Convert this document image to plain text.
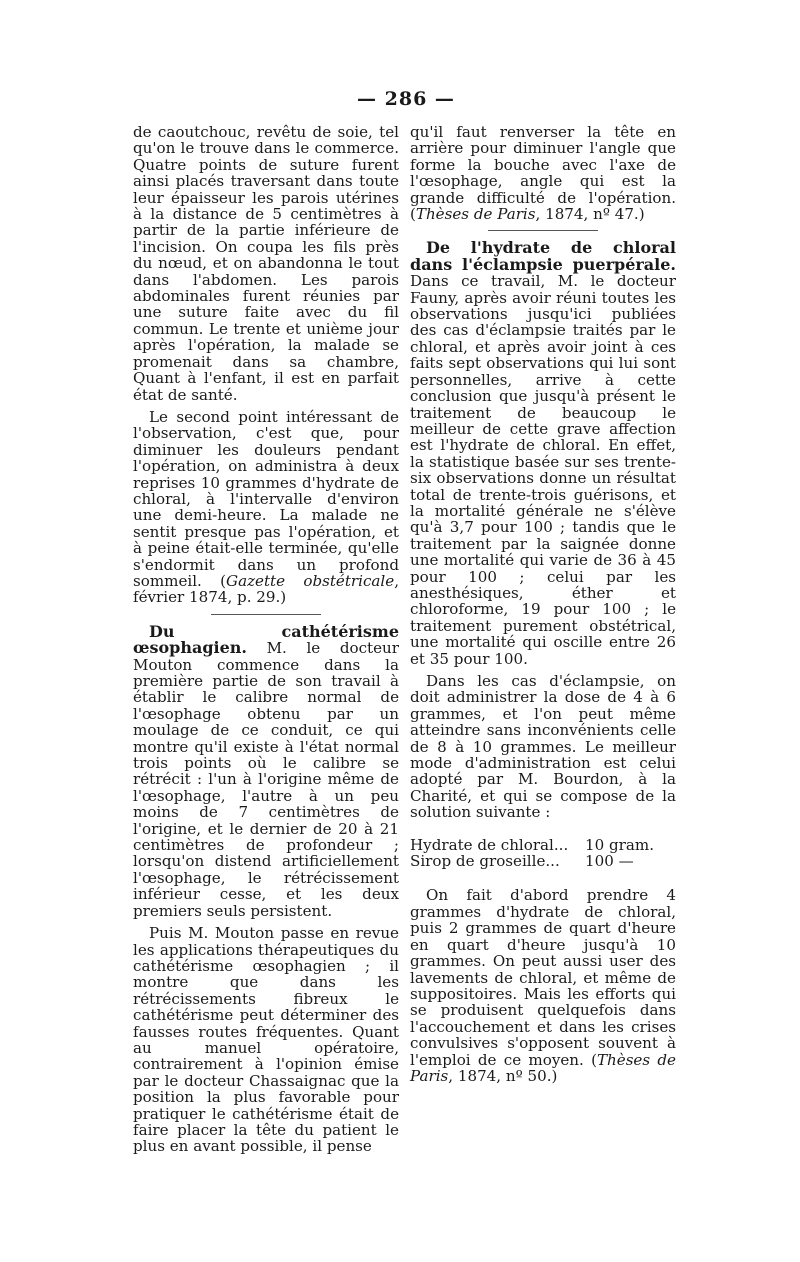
— 286 —

de caoutchouc, revêtu de soie, tel qu'on le trouve dans le commerce. Quatre points de suture furent ainsi placés traversant dans toute leur épaisseur les parois utérines à la distance de 5 centimètres à partir de la partie inférieure de l'incision. On coupa les fils près du nœud, et on abandonna le tout dans l'abdomen. Les parois abdominales furent réunies par une suture faite avec du fil commun. Le trente et unième jour après l'opération, la malade se promenait dans sa chambre, Quant à l'enfant, il est en parfait état de santé.

Le second point intéressant de l'observation, c'est que, pour diminuer les douleurs pendant l'opération, on administra à deux reprises 10 grammes d'hydrate de chloral, à l'intervalle d'environ une demi-heure. La malade ne sentit presque pas l'opération, et à peine était-elle terminée, qu'elle s'endormit dans un profond sommeil. (Gazette obstétricale, février 1874, p. 29.)

Du cathétérisme œsophagien. M. le docteur Mouton commence dans la première partie de son travail à établir le calibre normal de l'œsophage obtenu par un moulage de ce conduit, ce qui montre qu'il existe à l'état normal trois points où le calibre se rétrécit : l'un à l'origine même de l'œsophage, l'autre à un peu moins de 7 centimètres de l'origine, et le dernier de 20 à 21 centimètres de profondeur ; lorsqu'on distend artificiellement l'œsophage, le rétrécissement inférieur cesse, et les deux premiers seuls persistent.

Puis M. Mouton passe en revue les applications thérapeutiques du cathétérisme œsophagien ; il montre que dans les rétrécissements fibreux le cathétérisme peut déterminer des fausses routes fréquentes. Quant au manuel opératoire, contrairement à l'opinion émise par le docteur Chassaignac que la position la plus favorable pour pratiquer le cathétérisme était de faire placer la tête du patient le plus en avant possible, il pense

qu'il faut renverser la tête en arrière pour diminuer l'angle que forme la bouche avec l'axe de l'œsophage, angle qui est la grande difficulté de l'opération. (Thèses de Paris, 1874, nº 47.)

De l'hydrate de chloral dans l'éclampsie puerpérale. Dans ce travail, M. le docteur Fauny, après avoir réuni toutes les observations jusqu'ici publiées des cas d'éclampsie traités par le chloral, et après avoir joint à ces faits sept observations qui lui sont personnelles, arrive à cette conclusion que jusqu'à présent le traitement de beaucoup le meilleur de cette grave affection est l'hydrate de chloral. En effet, la statistique basée sur ses trente-six observations donne un résultat total de trente-trois guérisons, et la mortalité générale ne s'élève qu'à 3,7 pour 100 ; tandis que le traitement par la saignée donne une mortalité qui varie de 36 à 45 pour 100 ; celui par les anesthésiques, éther et chloroforme, 19 pour 100 ; le traitement purement obstétrical, une mortalité qui oscille entre 26 et 35 pour 100.

Dans les cas d'éclampsie, on doit administrer la dose de 4 à 6 grammes, et l'on peut même atteindre sans inconvénients celle de 8 à 10 grammes. Le meilleur mode d'administration est celui adopté par M. Bourdon, à la Charité, et qui se compose de la solution suivante :

Hydrate de chloral...	10 gram.
Sirop de groseille...	100 —

On fait d'abord prendre 4 grammes d'hydrate de chloral, puis 2 grammes de quart d'heure en quart d'heure jusqu'à 10 grammes. On peut aussi user des lavements de chloral, et même de suppositoires. Mais les efforts qui se produisent quelquefois dans l'accouchement et dans les crises convulsives s'opposent souvent à l'emploi de ce moyen. (Thèses de Paris, 1874, nº 50.)
